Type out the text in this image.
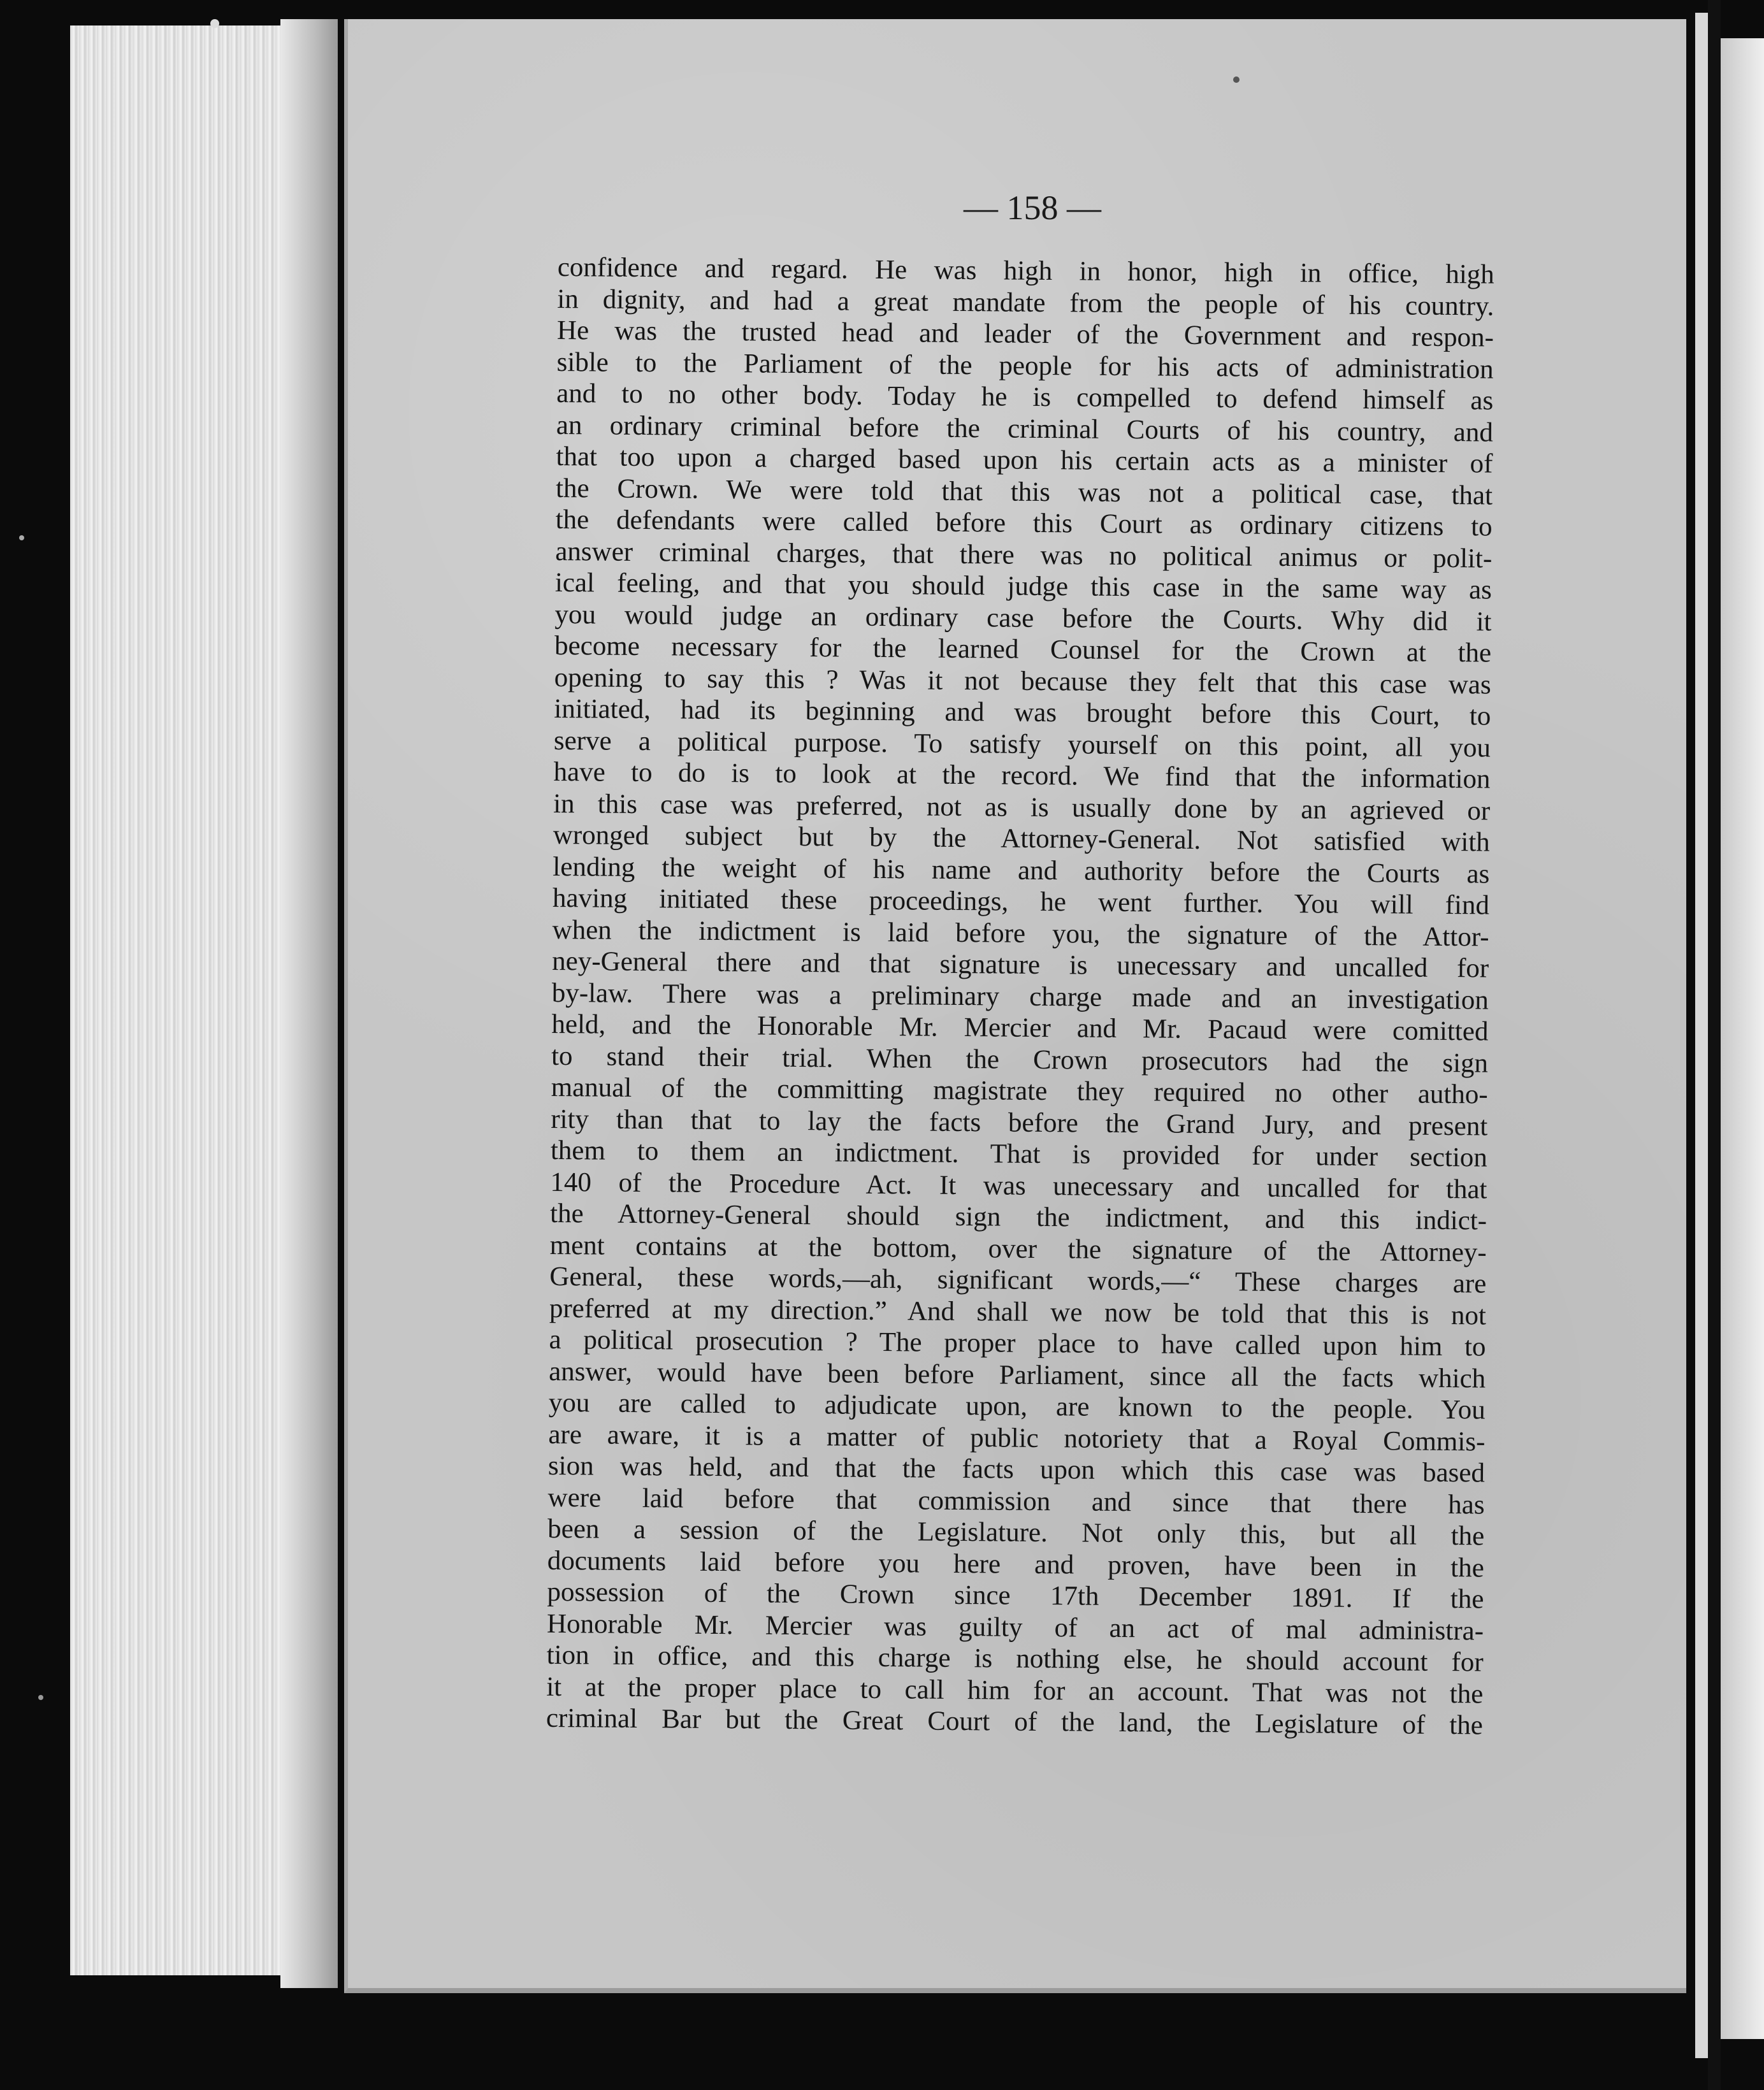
— 158 —
confidence and regard. He was high in honor, high in office, high
in dignity, and had a great mandate from the people of his country.
He was the trusted head and leader of the Government and respon-
sible to the Parliament of the people for his acts of administration
and to no other body. Today he is compelled to defend himself as
an ordinary criminal before the criminal Courts of his country, and
that too upon a charged based upon his certain acts as a minister of
the Crown. We were told that this was not a political case, that
the defendants were called before this Court as ordinary citizens to
answer criminal charges, that there was no political animus or polit-
ical feeling, and that you should judge this case in the same way as
you would judge an ordinary case before the Courts. Why did it
become necessary for the learned Counsel for the Crown at the
opening to say this ? Was it not because they felt that this case was
initiated, had its beginning and was brought before this Court, to
serve a political purpose. To satisfy yourself on this point, all you
have to do is to look at the record. We find that the information
in this case was preferred, not as is usually done by an agrieved or
wronged subject but by the Attorney-General. Not satisfied with
lending the weight of his name and authority before the Courts as
having initiated these proceedings, he went further. You will find
when the indictment is laid before you, the signature of the Attor-
ney-General there and that signature is unecessary and uncalled for
by-law. There was a preliminary charge made and an investigation
held, and the Honorable Mr. Mercier and Mr. Pacaud were comitted
to stand their trial. When the Crown prosecutors had the sign
manual of the committing magistrate they required no other autho-
rity than that to lay the facts before the Grand Jury, and present
them to them an indictment. That is provided for under section
140 of the Procedure Act. It was unecessary and uncalled for that
the Attorney-General should sign the indictment, and this indict-
ment contains at the bottom, over the signature of the Attorney-
General, these words,—ah, significant words,—“ These charges are
preferred at my direction.” And shall we now be told that this is not
a political prosecution ? The proper place to have called upon him to
answer, would have been before Parliament, since all the facts which
you are called to adjudicate upon, are known to the people. You
are aware, it is a matter of public notoriety that a Royal Commis-
sion was held, and that the facts upon which this case was based
were laid before that commission and since that there has
been a session of the Legislature. Not only this, but all the
documents laid before you here and proven, have been in the
possession of the Crown since 17th December 1891. If the
Honorable Mr. Mercier was guilty of an act of mal administra-
tion in office, and this charge is nothing else, he should account for
it at the proper place to call him for an account. That was not the
criminal Bar but the Great Court of the land, the Legislature of the
